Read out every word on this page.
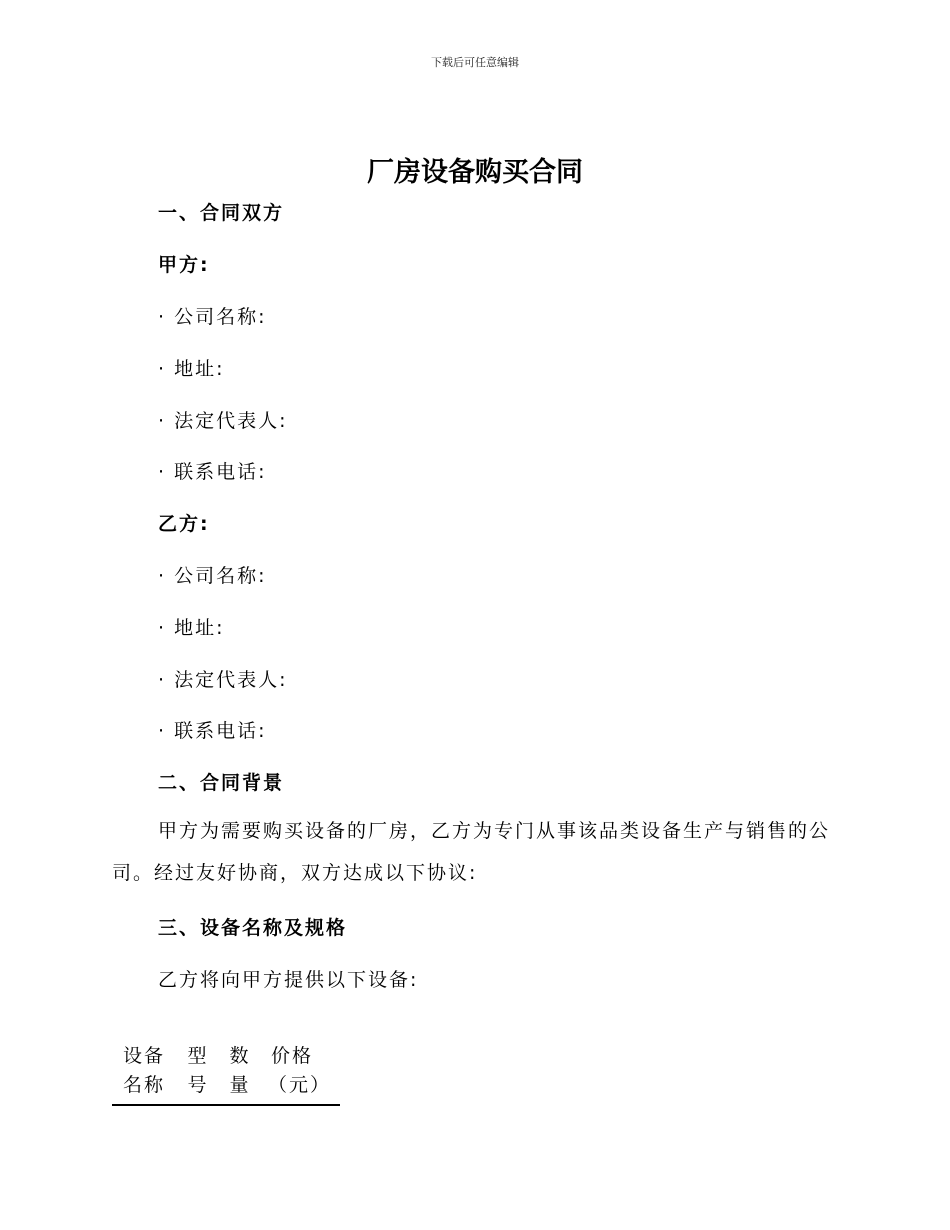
下载后可任意编辑
厂房设备购买合同
一、合同双方
甲方:
· 公司名称:
· 地址:
· 法定代表人:
· 联系电话:
乙方:
· 公司名称:
· 地址:
· 法定代表人:
· 联系电话:
二、合同背景

甲方为需要购买设备的厂房，乙方为专门从事该品类设备生产与销售的公司。经过友好协商，双方达成以下协议:

三、设备名称及规格
乙方将向甲方提供以下设备:
设备名称
型号
数量
价格（元）
